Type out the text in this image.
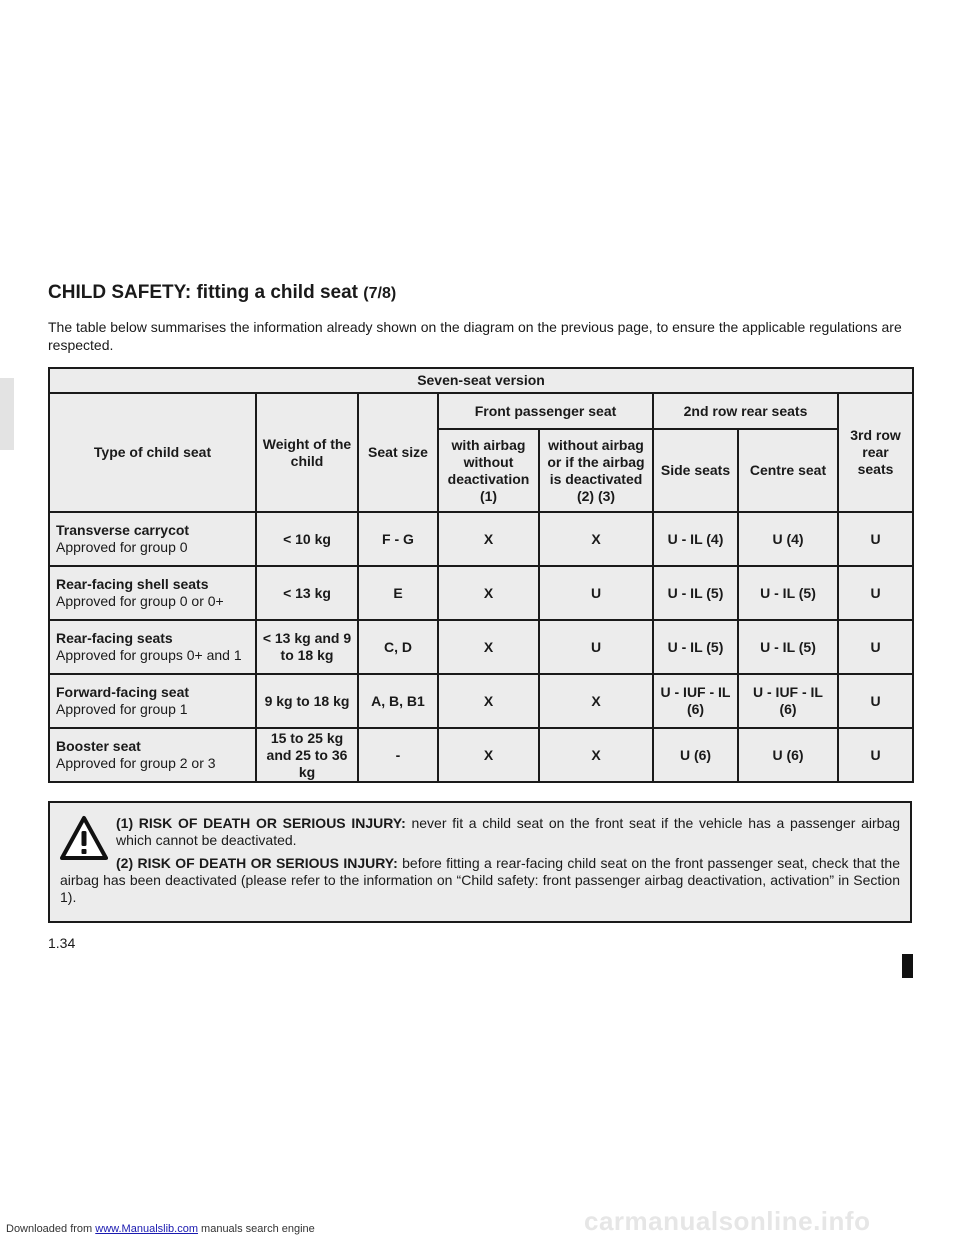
CHILD SAFETY: fitting a child seat (7/8)

The table below summarises the information already shown on the diagram on the previous page, to ensure the applicable regulations are respected.

Seven-seat version							
Type of child seat	Weight of the child	Seat size	Front passenger seat		2nd row rear seats		3rd row rear seats
			with airbag without deactivation (1)	without airbag or if the airbag is deactivated (2) (3)	Side seats	Centre seat	

Transverse carrycot
Approved for group 0	< 10 kg	F - G	X	X	U - IL (4)	U (4)	U

Rear-facing shell seats
Approved for group 0 or 0+	< 13 kg	E	X	U	U - IL (5)	U - IL (5)	U

Rear-facing seats
Approved for groups 0+ and 1	< 13 kg and 9 to 18 kg	C, D	X	U	U - IL (5)	U - IL (5)	U

Forward-facing seat
Approved for group 1	9 kg to 18 kg	A, B, B1	X	X	U - IUF - IL (6)	U - IUF - IL (6)	U

Booster seat
Approved for group 2 or 3	15 to 25 kg and 25 to 36 kg	-	X	X	U (6)	U (6)	U

(1) RISK OF DEATH OR SERIOUS INJURY: never fit a child seat on the front seat if the vehicle has a passenger airbag which cannot be deactivated.

(2) RISK OF DEATH OR SERIOUS INJURY: before fitting a rear-facing child seat on the front passenger seat, check that the airbag has been deactivated (please refer to the information on “Child safety: front passenger airbag deactivation, activation” in Section 1).

1.34
Downloaded from www.Manualslib.com manuals search engine	carmanualsonline.info
